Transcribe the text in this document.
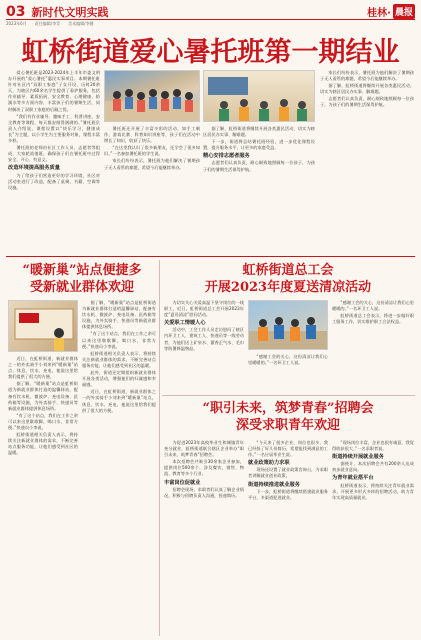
03 新时代文明实践	桂林· 晨报
2023年6月 责任编辑/李青 美术编辑/李健
虹桥街道爱心暑托班第一期结业

爱心暑托班是2023-2024年上半年市委文明办开展的“爱心暑托”惠民实事项目。本期暑托班针对社区内“双职工家庭”子女开设，历时20余天，为辖区内60余名学生提供了看护服务，包括作业辅导、素质拓展、安全教育、心理健康、防溺水等多方面内容，丰富孩子们的暑期生活，同时解决了双职工家庭的后顾之忧。

“我们有作业辅导、趣味手工、科普讲座、安全教育等课程，每天都安排得满满的。”暑托班负责人介绍说，课程设置以“快乐学习，健康成长”为主题，以小学生为主要服务对象，课程丰富多样。

暑托班的老师由社区工作人员、志愿者等组成，大家轮流值班，确保孩子们在暑托班中过得安全、开心、有意义。

改造环境提高服务质量

为了给孩子们营造更好的学习环境，社区对活动室进行了改造，配备了桌椅、书籍、空调等设施。

暑托班还开展了丰富多彩的活动，如手工制作、游戏比赛、科普知识讲座等，孩子们在活动中增长了知识，收获了快乐。

“在这里我认识了很多新朋友，还学会了很多知识。”一名参加暑托班的学生说。

家长们纷纷表示，暑托班为他们解决了暑期孩子无人看管的难题，希望今后能继续举办。

据了解，虹桥街道将继续开展各类惠民活动，切实为辖区居民办实事、解难题。

下一步，街道将总结暑托班经验，进一步优化课程设置，提升服务水平，让更多的家庭受益。

精心安排志愿者服务

志愿者们认真负责，耐心细致地照顾每一位孩子，为孩子们的暑期生活保驾护航。

家长们纷纷表示，暑托班为他们解决了暑期孩子无人看管的难题，希望今后能继续举办。

据了解，虹桥街道将继续开展各类惠民活动，切实为辖区居民办实事、解难题。

志愿者们认真负责，耐心细致地照顾每一位孩子，为孩子们的暑期生活保驾护航。

“暖新巢”站点便捷多
受新就业群体欢迎

近日，在虹桥街道，新就业群体之一的外卖骑手小刘来到“暖新巢”站点，休息、饮水、充电，他说这里给我们提供了很大的方便。

据了解，“暖新巢”站点是虹桥街道为新就业群体打造的温馨驿站，配备有饮水机、微波炉、充电设备、医药箱等设施，为外卖骑手、快递员等新就业群体提供休息场所。

“有了这个站点，我们在工作之余可以来这里歇歇脚，喝口水，非常方便。”快递员小李说。

虹桥街道相关负责人表示，将持续关注新就业群体的需求，不断完善站点服务功能，让他们感受到社区的温暖。

据了解，“暖新巢”站点是虹桥街道为新就业群体打造的温馨驿站，配备有饮水机、微波炉、充电设备、医药箱等设施，为外卖骑手、快递员等新就业群体提供休息场所。

“有了这个站点，我们在工作之余可以来这里歇歇脚，喝口水，非常方便。”快递员小李说。

虹桥街道相关负责人表示，将持续关注新就业群体的需求，不断完善站点服务功能，让他们感受到社区的温暖。

此外，街道还定期组织新就业群体开展各类活动，增强他们的归属感和幸福感。

近日，在虹桥街道，新就业群体之一的外卖骑手小刘来到“暖新巢”站点，休息、饮水、充电，他说这里给我们提供了很大的方便。

虹桥街道总工会
开展2023年度夏送清凉活动

为切实关心关爱高温下坚守岗位的一线职工，近日，虹桥街道总工会开展2023年度“夏送清凉”慰问活动。

关爱职工情暖人心

活动中，工会工作人员走访慰问了辖区内环卫工人、建筑工人、快递员等一线劳动者，为他们送上矿泉水、藿香正气水、毛巾等防暑降温物品。

“感谢工会的关心，这份清凉让我们心里暖暖的。”一名环卫工人说。

“感谢工会的关心，这份清凉让我们心里暖暖的。”一名环卫工人说。

虹桥街道总工会表示，将进一步做好职工服务工作，切实维护职工合法权益。

“职引未来，筑梦青春”招聘会
深受求职青年欢迎

为促进2023年高校毕业生和城镇青年充分就业，虹桥街道联合辖区企业举办“职引未来，筑梦青春”招聘会。

本次招聘会共吸引30余家企业参加，提供岗位500余个，涉及餐饮、销售、物流、教育等多个行业。

丰富岗位促就业

招聘会现场，求职者们认真了解企业情况，积极与招聘负责人沟通，投递简历。

“今天来了很多企业，岗位也很多，我已经投了好几份简历，希望能找到满意的工作。”一名应届毕业生说。

就业政策助力求职

现场还设置了就业政策咨询台，为求职者讲解就业创业政策。

街道持续推进就业服务

下一步，虹桥街道将继续搭建就业服务平台，多渠道促进就业。

“现场岗位丰富，企业也很有诚意，我觉得收获很大。”一名求职者说。

街道持续开展就业服务

据统计，本次招聘会共有200余人达成初步就业意向。

为青年就业搭平台

虹桥街道表示，将持续关注青年就业需求，开展更多形式多样的招聘活动，助力青年实现高质量就业。
